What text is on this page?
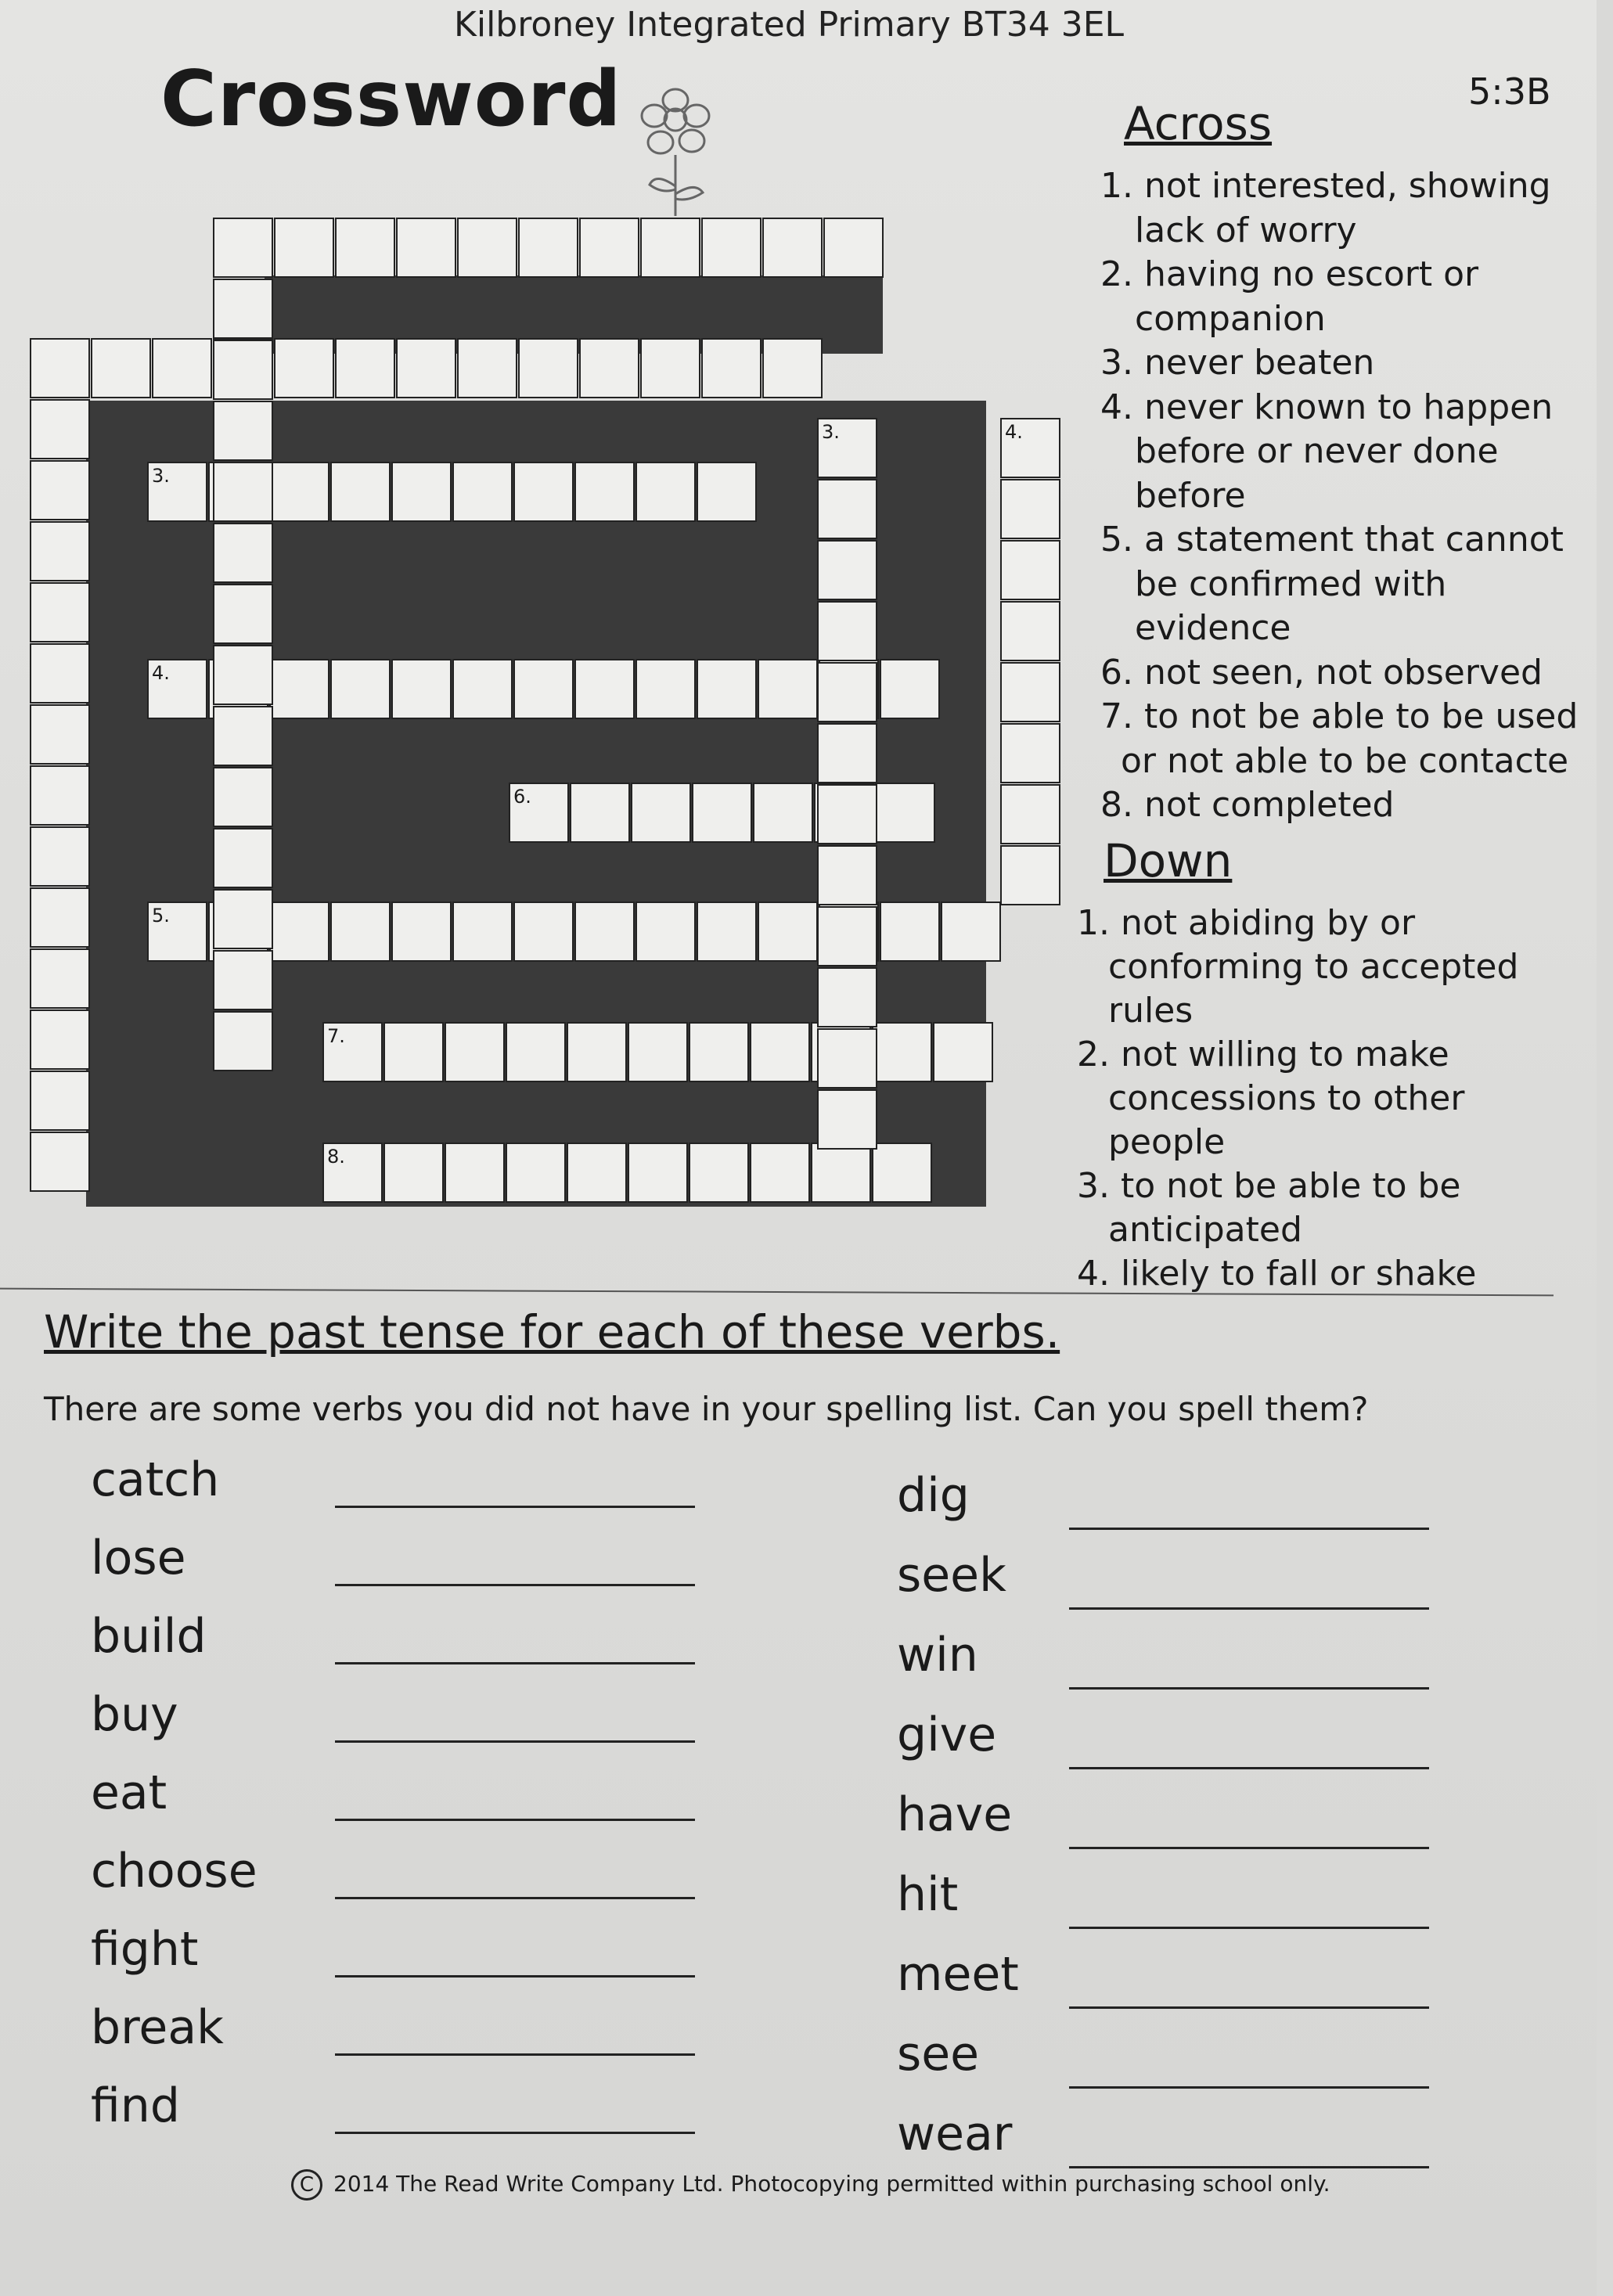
Kilbroney Integrated Primary BT34 3EL
Crossword	5:3B
3.
4.
5.
7.
8.
6.
3.	4.
Across
1. not interested, showing
lack of worry
2. having no escort or
companion
3. never beaten
4. never known to happen
before or never done
before
5. a statement that cannot
be confirmed with
evidence
6. not seen, not observed
7. to not be able to be used
or not able to be contacte
8. not completed
Down
1. not abiding by or
conforming to accepted
rules
2. not willing to make
concessions to other
people
3. to not be able to be
anticipated
4. likely to fall or shake
Write the past tense for each of these verbs.
There are some verbs you did not have in your spelling list. Can you spell them?
catch
lose
build
buy
eat
choose
fight
break
find
dig
seek
win
give
have
hit
meet
see
wear
C 2014 The Read Write Company Ltd. Photocopying permitted within purchasing school only.
